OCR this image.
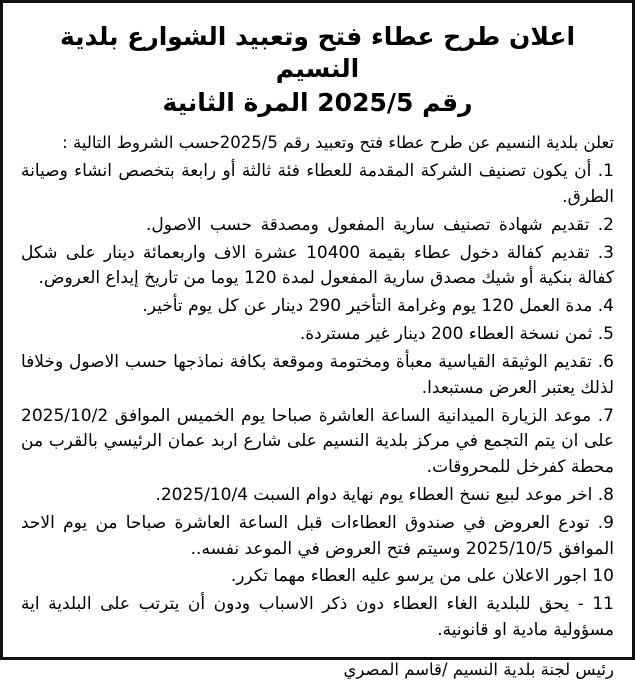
اعلان طرح عطاء فتح وتعبيد الشوارع بلدية النسيم
رقم 2025/5 المرة الثانية

تعلن بلدية النسيم عن طرح عطاء فتح وتعبيد رقم 2025/5حسب الشروط التالية :

1. أن يكون تصنيف الشركة المقدمة للعطاء فئة ثالثة أو رابعة بتخصص انشاء وصيانة الطرق.
2. تقديم شهادة تصنيف سارية المفعول ومصدقة حسب الاصول.
3. تقديم كفالة دخول عطاء بقيمة 10400 عشرة الاف واربعمائة دينار على شكل كفالة بنكية أو شيك مصدق سارية المفعول لمدة 120 يوما من تاريخ إيداع العروض.
4. مدة العمل 120 يوم وغرامة التأخير 290 دينار عن كل يوم تأخير.
5. ثمن نسخة العطاء 200 دينار غير مستردة.
6. تقديم الوثيقة القياسية معبأة ومختومة وموقعة بكافة نماذجها حسب الاصول وخلافا لذلك يعتبر العرض مستبعدا.
7. موعد الزيارة الميدانية الساعة العاشرة صباحا يوم الخميس الموافق 2025/10/2 على ان يتم التجمع في مركز بلدية النسيم على شارع اربد عمان الرئيسي بالقرب من محطة كفرخل للمحروقات.
8. اخر موعد لبيع نسخ العطاء يوم نهاية دوام السبت 2025/10/4.
9. تودع العروض في صندوق العطاءات قبل الساعة العاشرة صباحا من يوم الاحد الموافق 2025/10/5 وسيتم فتح العروض في الموعد نفسه..
10 اجور الاعلان على من يرسو عليه العطاء مهما تكرر.
11 - يحق للبلدية الغاء العطاء دون ذكر الاسباب ودون أن يترتب على البلدية اية مسؤولية مادية او قانونية.
رئيس لجنة بلدية النسيم /قاسم المصري
